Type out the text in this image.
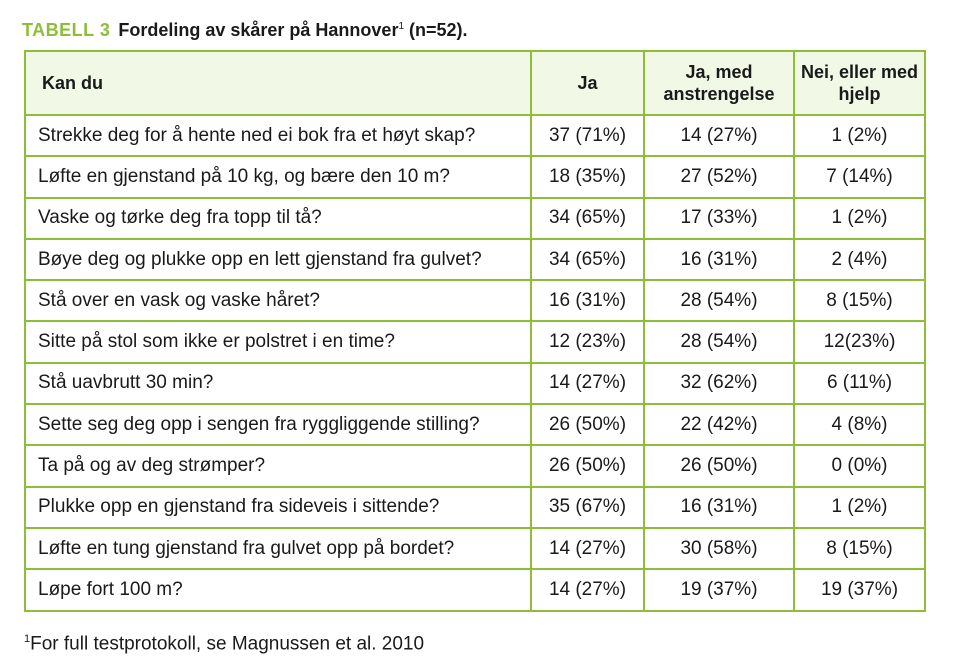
TABELL 3 Fordeling av skårer på Hannover$^1$ (n=52).
Kan du	Ja	Ja, med anstrengelse	Nei, eller med hjelp
Strekke deg for å hente ned ei bok fra et høyt skap?	37 (71%)	14 (27%)	1 (2%)
Løfte en gjenstand på 10 kg, og bære den 10 m?	18 (35%)	27 (52%)	7 (14%)
Vaske og tørke deg fra topp til tå?	34 (65%)	17 (33%)	1 (2%)
Bøye deg og plukke opp en lett gjenstand fra gulvet?	34 (65%)	16 (31%)	2 (4%)
Stå over en vask og vaske håret?	16 (31%)	28 (54%)	8 (15%)
Sitte på stol som ikke er polstret i en time?	12 (23%)	28 (54%)	12(23%)
Stå uavbrutt 30 min?	14 (27%)	32 (62%)	6 (11%)
Sette seg deg opp i sengen fra ryggliggende stilling?	26 (50%)	22 (42%)	4 (8%)
Ta på og av deg strømper?	26 (50%)	26 (50%)	0 (0%)
Plukke opp en gjenstand fra sideveis i sittende?	35 (67%)	16 (31%)	1 (2%)
Løfte en tung gjenstand fra gulvet opp på bordet?	14 (27%)	30 (58%)	8 (15%)
Løpe fort 100 m?	14 (27%)	19 (37%)	19 (37%)
$^1$For full testprotokoll, se Magnussen et al. 2010
